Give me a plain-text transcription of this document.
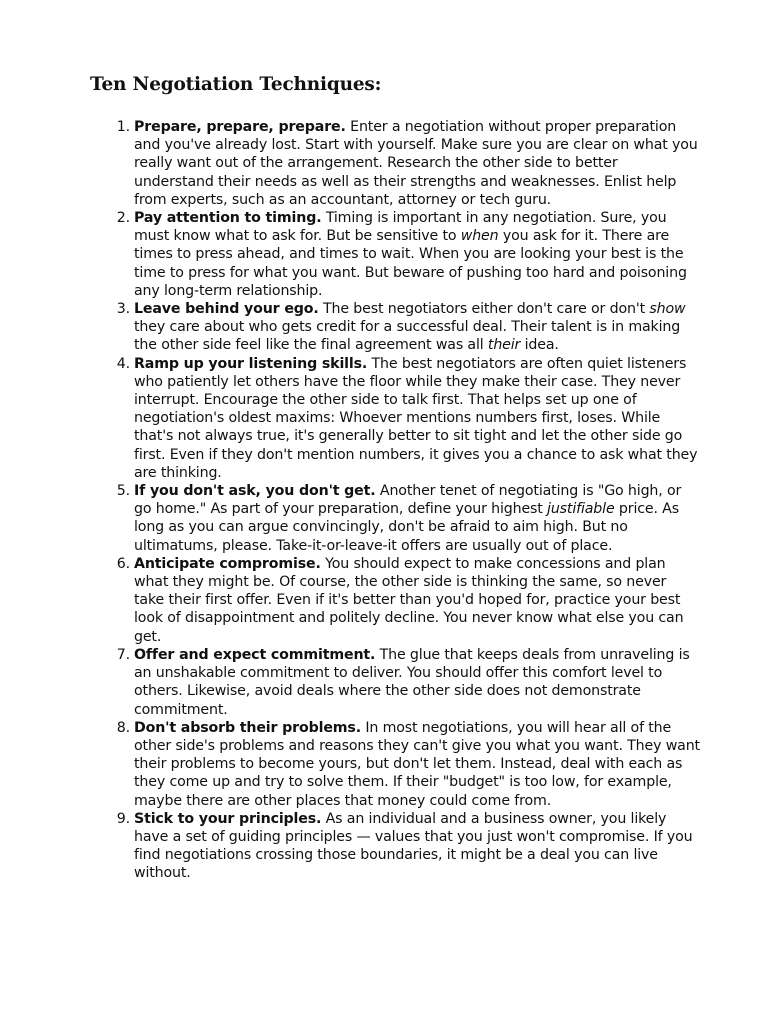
Ten Negotiation Techniques:
1. Prepare, prepare, prepare. Enter a negotiation without proper preparation and you've already lost. Start with yourself. Make sure you are clear on what you really want out of the arrangement. Research the other side to better understand their needs as well as their strengths and weaknesses. Enlist help from experts, such as an accountant, attorney or tech guru.
2. Pay attention to timing. Timing is important in any negotiation. Sure, you must know what to ask for. But be sensitive to when you ask for it. There are times to press ahead, and times to wait. When you are looking your best is the time to press for what you want. But beware of pushing too hard and poisoning any long-term relationship.
3. Leave behind your ego. The best negotiators either don't care or don't show they care about who gets credit for a successful deal. Their talent is in making the other side feel like the final agreement was all their idea.
4. Ramp up your listening skills. The best negotiators are often quiet listeners who patiently let others have the floor while they make their case. They never interrupt. Encourage the other side to talk first. That helps set up one of negotiation's oldest maxims: Whoever mentions numbers first, loses. While that's not always true, it's generally better to sit tight and let the other side go first. Even if they don't mention numbers, it gives you a chance to ask what they are thinking.
5. If you don't ask, you don't get. Another tenet of negotiating is "Go high, or go home." As part of your preparation, define your highest justifiable price. As long as you can argue convincingly, don't be afraid to aim high. But no ultimatums, please. Take-it-or-leave-it offers are usually out of place.
6. Anticipate compromise. You should expect to make concessions and plan what they might be. Of course, the other side is thinking the same, so never take their first offer. Even if it's better than you'd hoped for, practice your best look of disappointment and politely decline. You never know what else you can get.
7. Offer and expect commitment. The glue that keeps deals from unraveling is an unshakable commitment to deliver. You should offer this comfort level to others. Likewise, avoid deals where the other side does not demonstrate commitment.
8. Don't absorb their problems. In most negotiations, you will hear all of the other side's problems and reasons they can't give you what you want. They want their problems to become yours, but don't let them. Instead, deal with each as they come up and try to solve them. If their "budget" is too low, for example, maybe there are other places that money could come from.
9. Stick to your principles. As an individual and a business owner, you likely have a set of guiding principles — values that you just won't compromise. If you find negotiations crossing those boundaries, it might be a deal you can live without.
